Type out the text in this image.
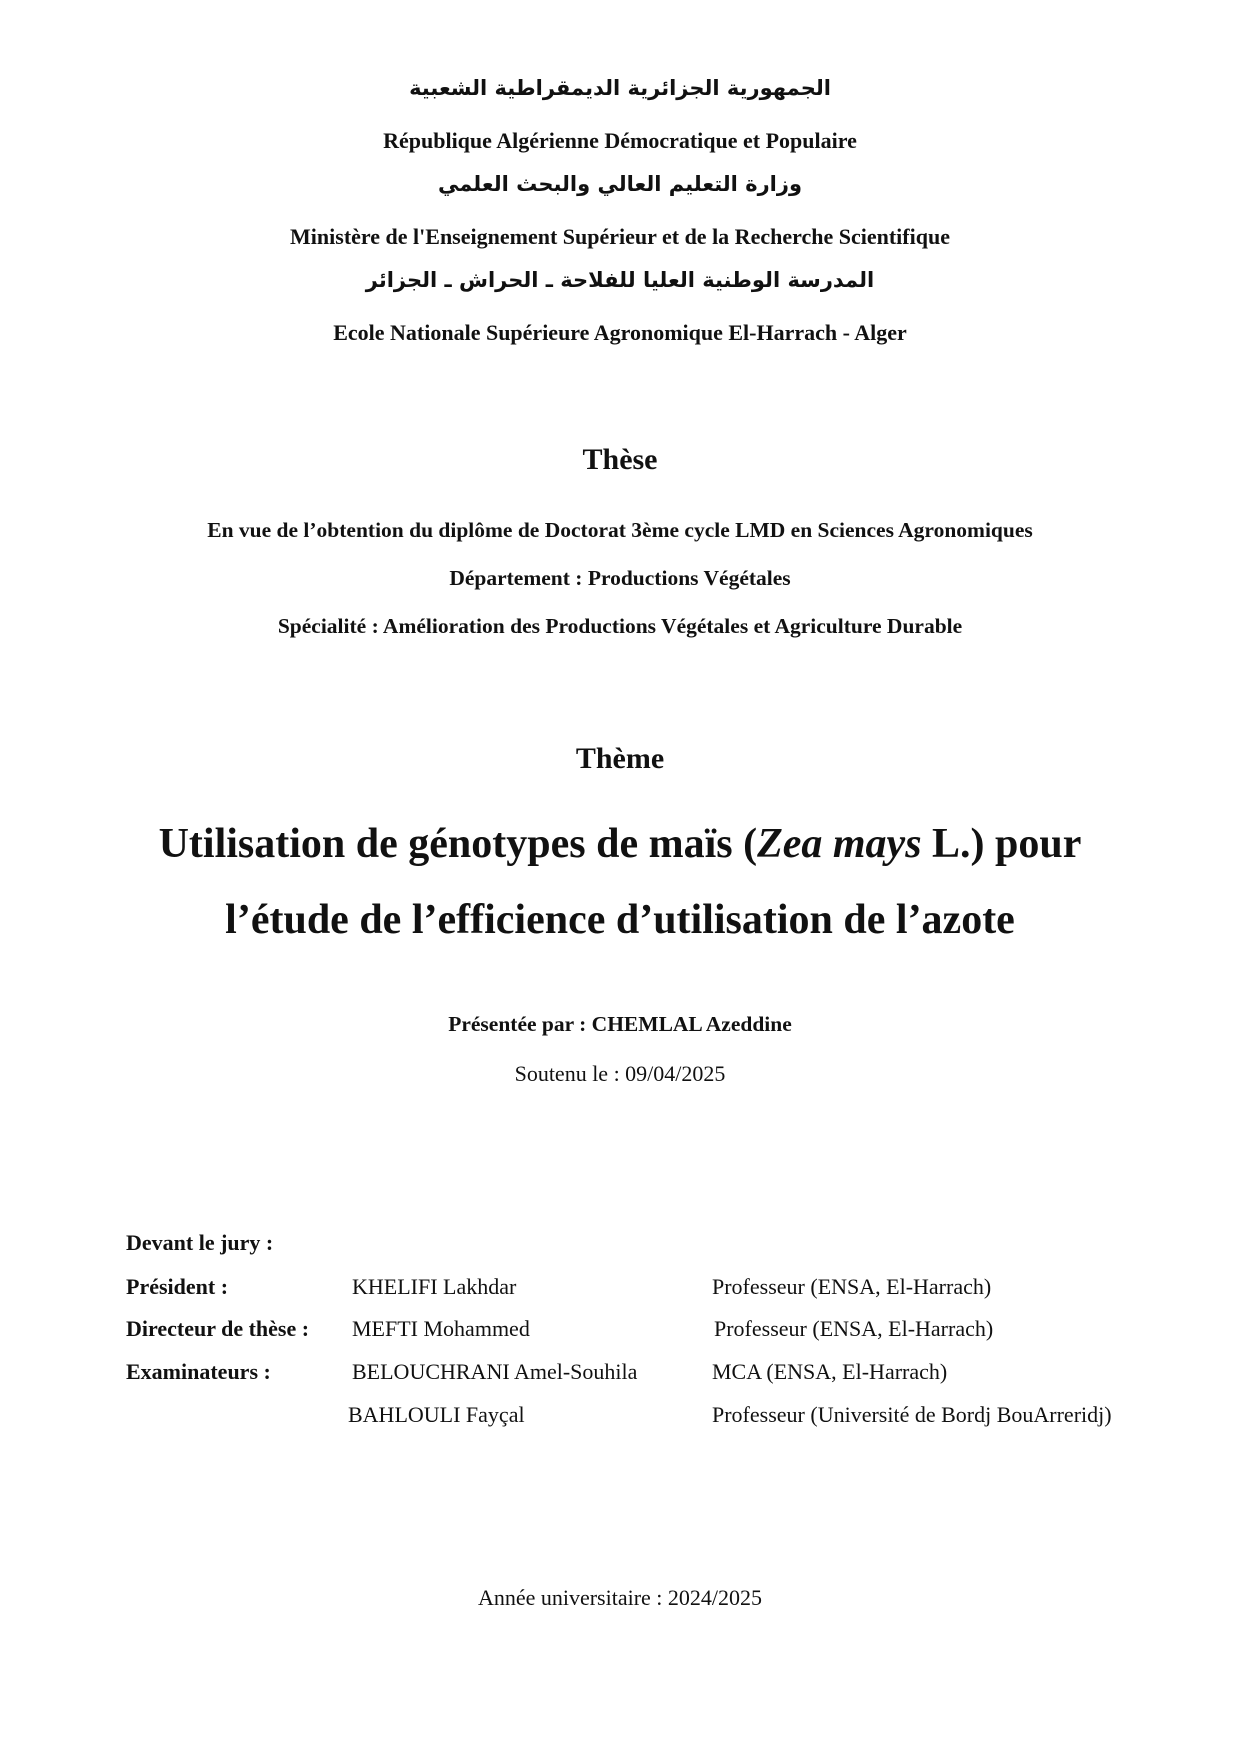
الجمهورية الجزائرية الديمقراطية الشعبية
République Algérienne Démocratique et Populaire
وزارة التعليم العالي والبحث العلمي
Ministère de l'Enseignement Supérieur et de la Recherche Scientifique
المدرسة الوطنية العليا للفلاحة ـ الحراش ـ الجزائر
Ecole Nationale Supérieure Agronomique El-Harrach - Alger
Thèse
En vue de l’obtention du diplôme de Doctorat 3ème cycle LMD en Sciences Agronomiques
Département : Productions Végétales
Spécialité : Amélioration des Productions Végétales et Agriculture Durable
Thème
Utilisation de génotypes de maïs (Zea mays L.) pour
l’étude de l’efficience d’utilisation de l’azote
Présentée par : CHEMLAL Azeddine
Soutenu le : 09/04/2025
Devant le jury :
Président :	KHELIFI Lakhdar	Professeur (ENSA, El-Harrach)
Directeur de thèse : MEFTI Mohammed	Professeur (ENSA, El-Harrach)
Examinateurs :	BELOUCHRANI Amel-Souhila	MCA (ENSA, El-Harrach)
BAHLOULI Fayçal	Professeur (Université de Bordj BouArreridj)
Année universitaire : 2024/2025
